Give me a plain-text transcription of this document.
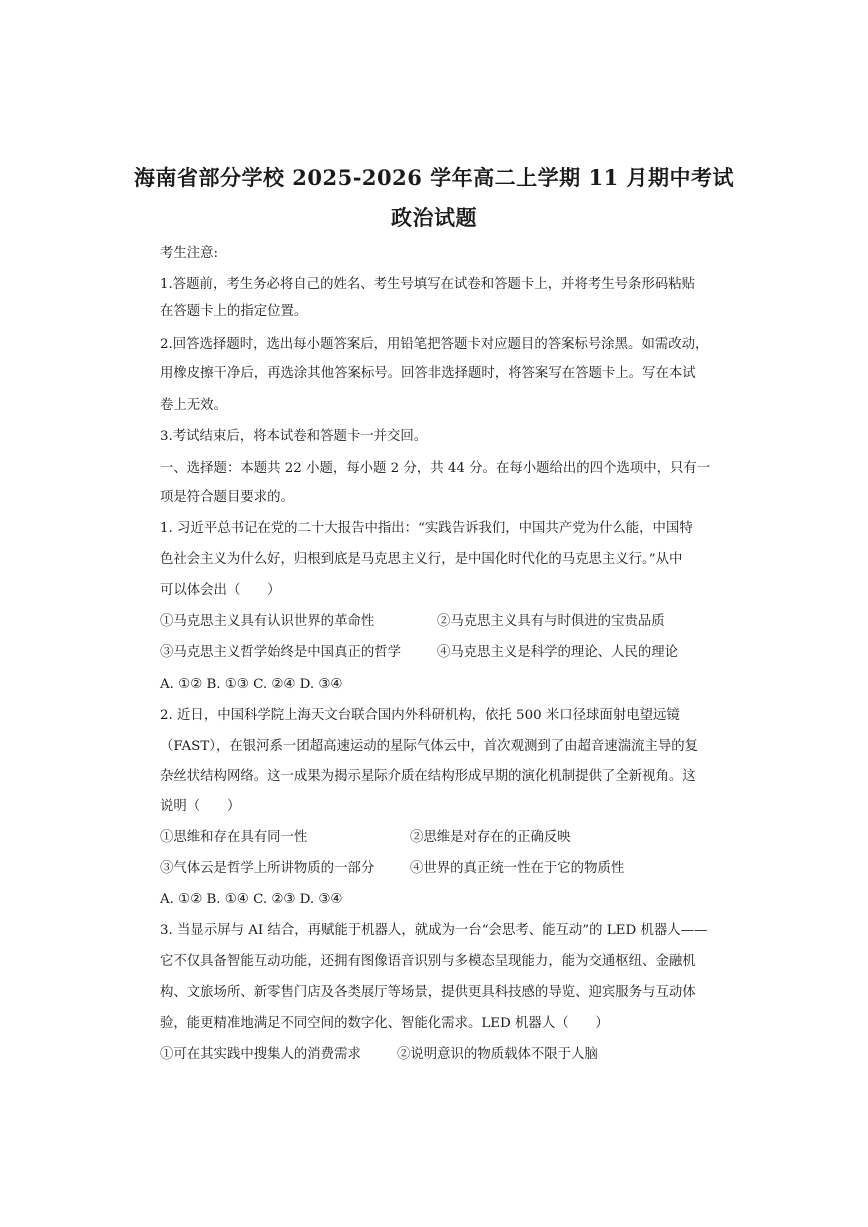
海南省部分学校 2025-2026 学年高二上学期 11 月期中考试
政治试题
考生注意:
1.答题前，考生务必将自己的姓名、考生号填写在试卷和答题卡上，并将考生号条形码粘贴
在答题卡上的指定位置。
2.回答选择题时，选出每小题答案后，用铅笔把答题卡对应题目的答案标号涂黑。如需改动，
用橡皮擦干净后，再选涂其他答案标号。回答非选择题时，将答案写在答题卡上。写在本试
卷上无效。
3.考试结束后，将本试卷和答题卡一并交回。
一、选择题：本题共 22 小题，每小题 2 分，共 44 分。在每小题给出的四个选项中，只有一
项是符合题目要求的。
1. 习近平总书记在党的二十大报告中指出：“实践告诉我们，中国共产党为什么能，中国特
色社会主义为什么好，归根到底是马克思主义行，是中国化时代化的马克思主义行。”从中
可以体会出（　　）
①马克思主义具有认识世界的革命性	②马克思主义具有与时俱进的宝贵品质
③马克思主义哲学始终是中国真正的哲学	④马克思主义是科学的理论、人民的理论
A. ①② B. ①③ C. ②④ D. ③④
2. 近日，中国科学院上海天文台联合国内外科研机构，依托 500 米口径球面射电望远镜
（FAST），在银河系一团超高速运动的星际气体云中，首次观测到了由超音速湍流主导的复
杂丝状结构网络。这一成果为揭示星际介质在结构形成早期的演化机制提供了全新视角。这
说明（　　）
①思维和存在具有同一性	②思维是对存在的正确反映
③气体云是哲学上所讲物质的一部分	④世界的真正统一性在于它的物质性
A. ①② B. ①④ C. ②③ D. ③④
3. 当显示屏与 AI 结合，再赋能于机器人，就成为一台“会思考、能互动”的 LED 机器人——
它不仅具备智能互动功能，还拥有图像语音识别与多模态呈现能力，能为交通枢纽、金融机
构、文旅场所、新零售门店及各类展厅等场景，提供更具科技感的导览、迎宾服务与互动体
验，能更精准地满足不同空间的数字化、智能化需求。LED 机器人（　　）
①可在其实践中搜集人的消费需求	②说明意识的物质载体不限于人脑
